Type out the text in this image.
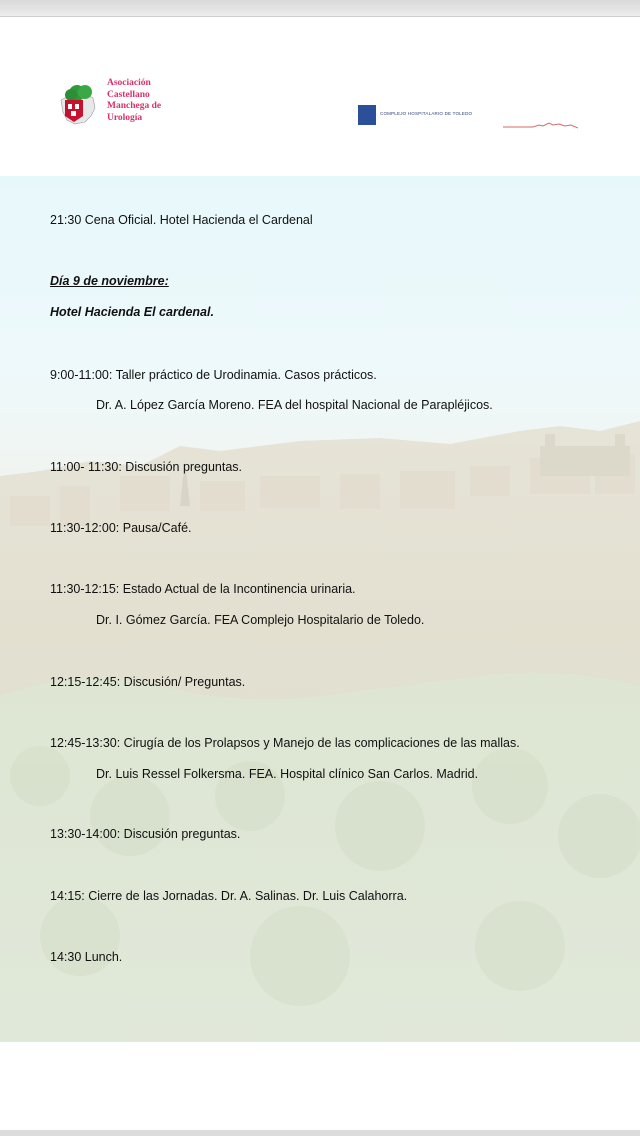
Asociación
Castellano
Manchega de
Urología	COMPLEJO HOSPITALARIO DE TOLEDO
21:30 Cena Oficial. Hotel Hacienda el Cardenal
Día 9 de noviembre:
Hotel Hacienda El cardenal.
9:00-11:00: Taller práctico de Urodinamia. Casos prácticos.
Dr. A. López García Moreno. FEA del hospital Nacional de Parapléjicos.
11:00- 11:30: Discusión preguntas.
11:30-12:00: Pausa/Café.
11:30-12:15: Estado Actual de la Incontinencia urinaria.
Dr. I. Gómez García. FEA Complejo Hospitalario de Toledo.
12:15-12:45: Discusión/ Preguntas.
12:45-13:30: Cirugía de los Prolapsos y Manejo de las complicaciones de las mallas.
Dr. Luis Ressel Folkersma. FEA. Hospital clínico San Carlos. Madrid.
13:30-14:00: Discusión preguntas.
14:15: Cierre de las Jornadas. Dr. A. Salinas. Dr. Luis Calahorra.
14:30 Lunch.
